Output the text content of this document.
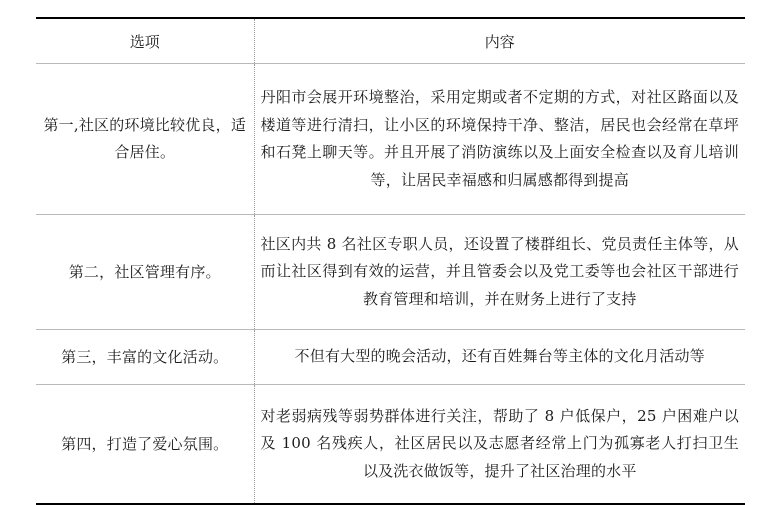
选项	内容
第一,社区的环境比较优良，适合居住。	丹阳市会展开环境整治，采用定期或者不定期的方式，对社区路面以及楼道等进行清扫，让小区的环境保持干净、整洁，居民也会经常在草坪和石凳上聊天等。并且开展了消防演练以及上面安全检查以及育儿培训等，让居民幸福感和归属感都得到提高
第二，社区管理有序。	社区内共 8 名社区专职人员，还设置了楼群组长、党员责任主体等，从而让社区得到有效的运营，并且管委会以及党工委等也会社区干部进行教育管理和培训，并在财务上进行了支持
第三，丰富的文化活动。	不但有大型的晚会活动，还有百姓舞台等主体的文化月活动等
第四，打造了爱心氛围。	对老弱病残等弱势群体进行关注，帮助了 8 户低保户，25 户困难户以及 100 名残疾人，社区居民以及志愿者经常上门为孤寡老人打扫卫生以及洗衣做饭等，提升了社区治理的水平
